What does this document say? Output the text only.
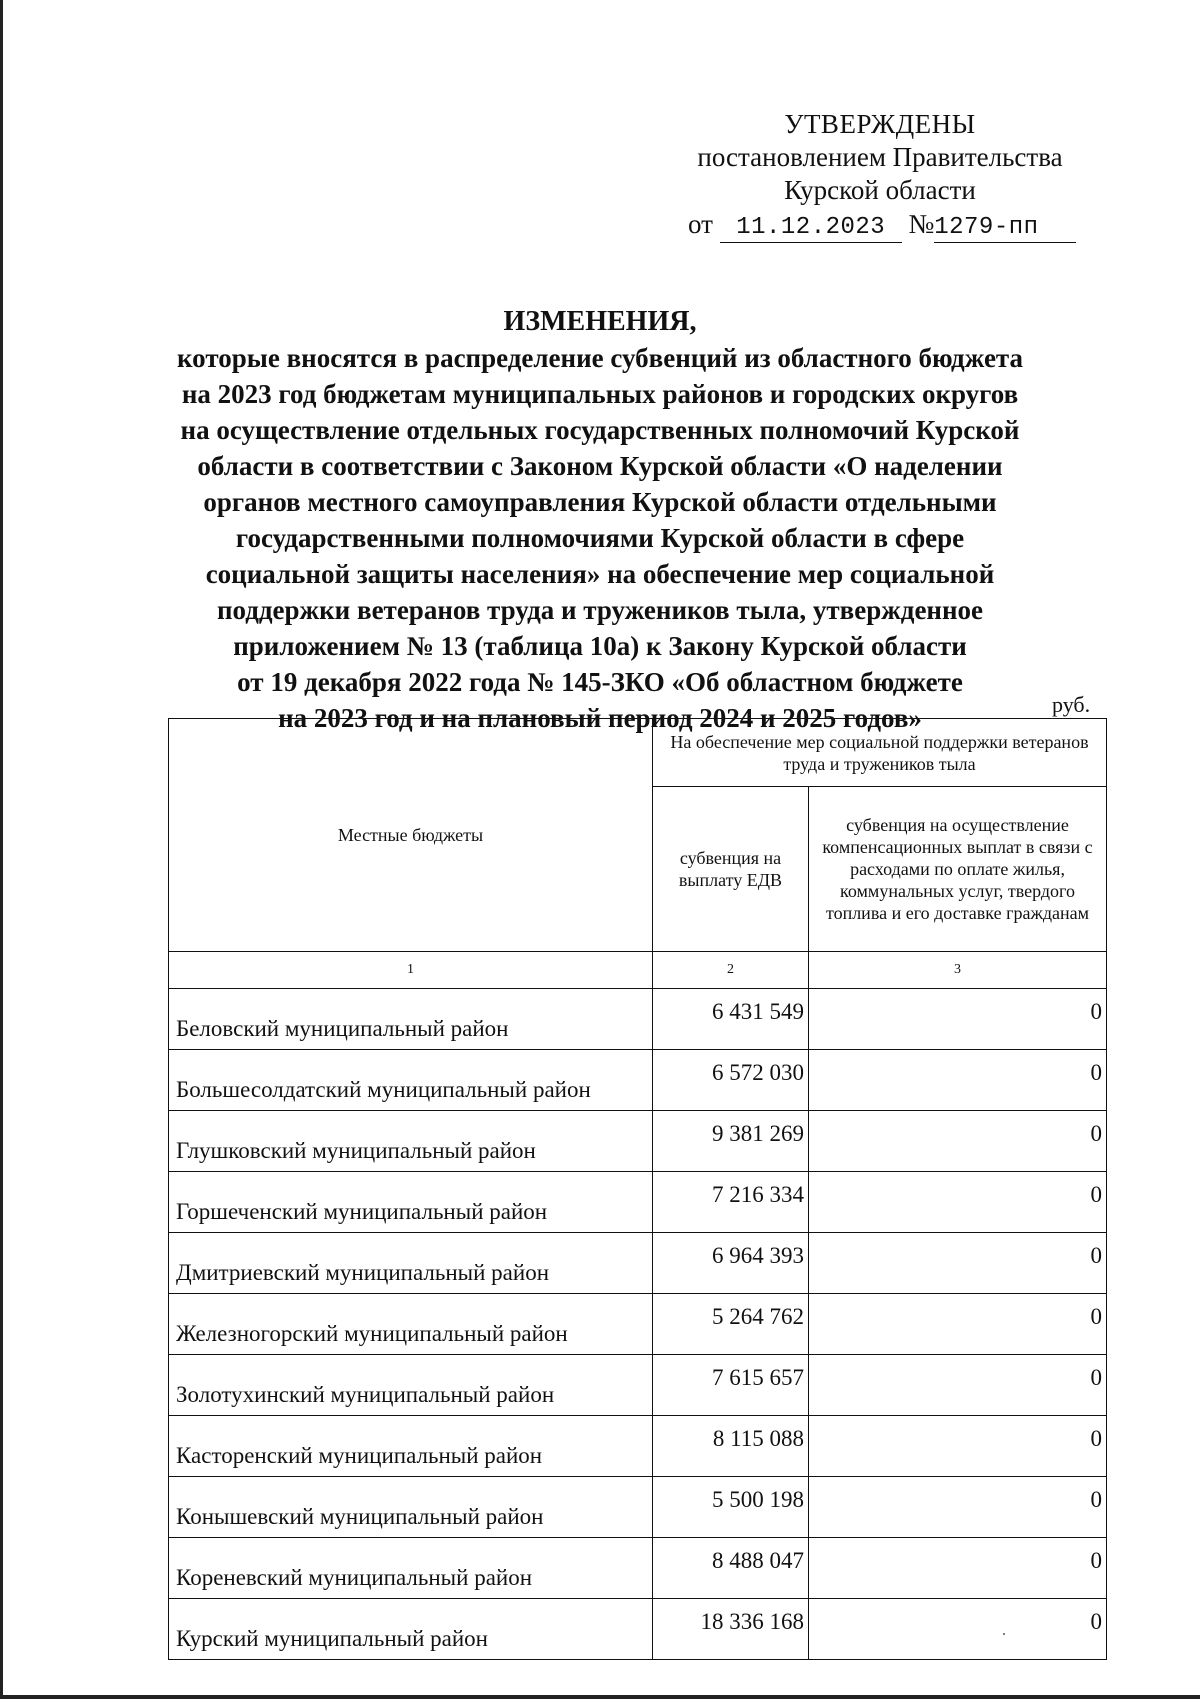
УТВЕРЖДЕНЫ
постановлением Правительства
Курской области
от 11.12.2023 №1279-пп
ИЗМЕНЕНИЯ,
которые вносятся в распределение субвенций из областного бюджета
на 2023 год бюджетам муниципальных районов и городских округов
на осуществление отдельных государственных полномочий Курской
области в соответствии с Законом Курской области «О наделении
органов местного самоуправления Курской области отдельными
государственными полномочиями Курской области в сфере
социальной защиты населения» на обеспечение мер социальной
поддержки ветеранов труда и тружеников тыла, утвержденное
приложением № 13 (таблица 10а) к Закону Курской области
от 19 декабря 2022 года № 145-ЗКО «Об областном бюджете
на 2023 год и на плановый период 2024 и 2025 годов»	руб.
Местные бюджеты	На обеспечение мер социальной поддержки ветеранов труда и тружеников тыла	
	субвенция на выплату ЕДВ	субвенция на осуществление компенсационных выплат в связи с расходами по оплате жилья, коммунальных услуг, твердого топлива и его доставке гражданам
1	2	3
Беловский муниципальный район	6 431 549	0
Большесолдатский муниципальный район	6 572 030	0
Глушковский муниципальный район	9 381 269	0
Горшеченский муниципальный район	7 216 334	0
Дмитриевский муниципальный район	6 964 393	0
Железногорский муниципальный район	5 264 762	0
Золотухинский муниципальный район	7 615 657	0
Касторенский муниципальный район	8 115 088	0
Конышевский муниципальный район	5 500 198	0
Кореневский муниципальный район	8 488 047	0
Курский муниципальный район	18 336 168	0
